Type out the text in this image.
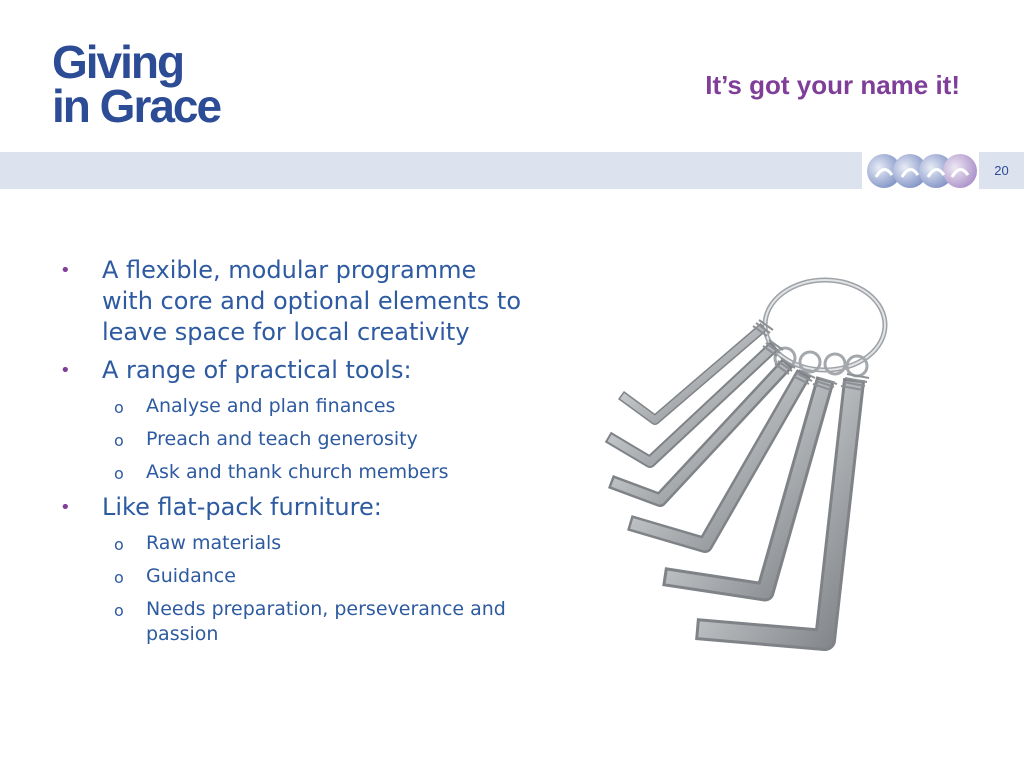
Giving
in Grace	It’s got your name it!
20
• A flexible, modular programme with core and optional elements to leave space for local creativity
• A range of practical tools:
o Analyse and plan finances
o Preach and teach generosity
o Ask and thank church members
• Like flat-pack furniture:
o Raw materials
o Guidance
o Needs preparation, perseverance and passion
